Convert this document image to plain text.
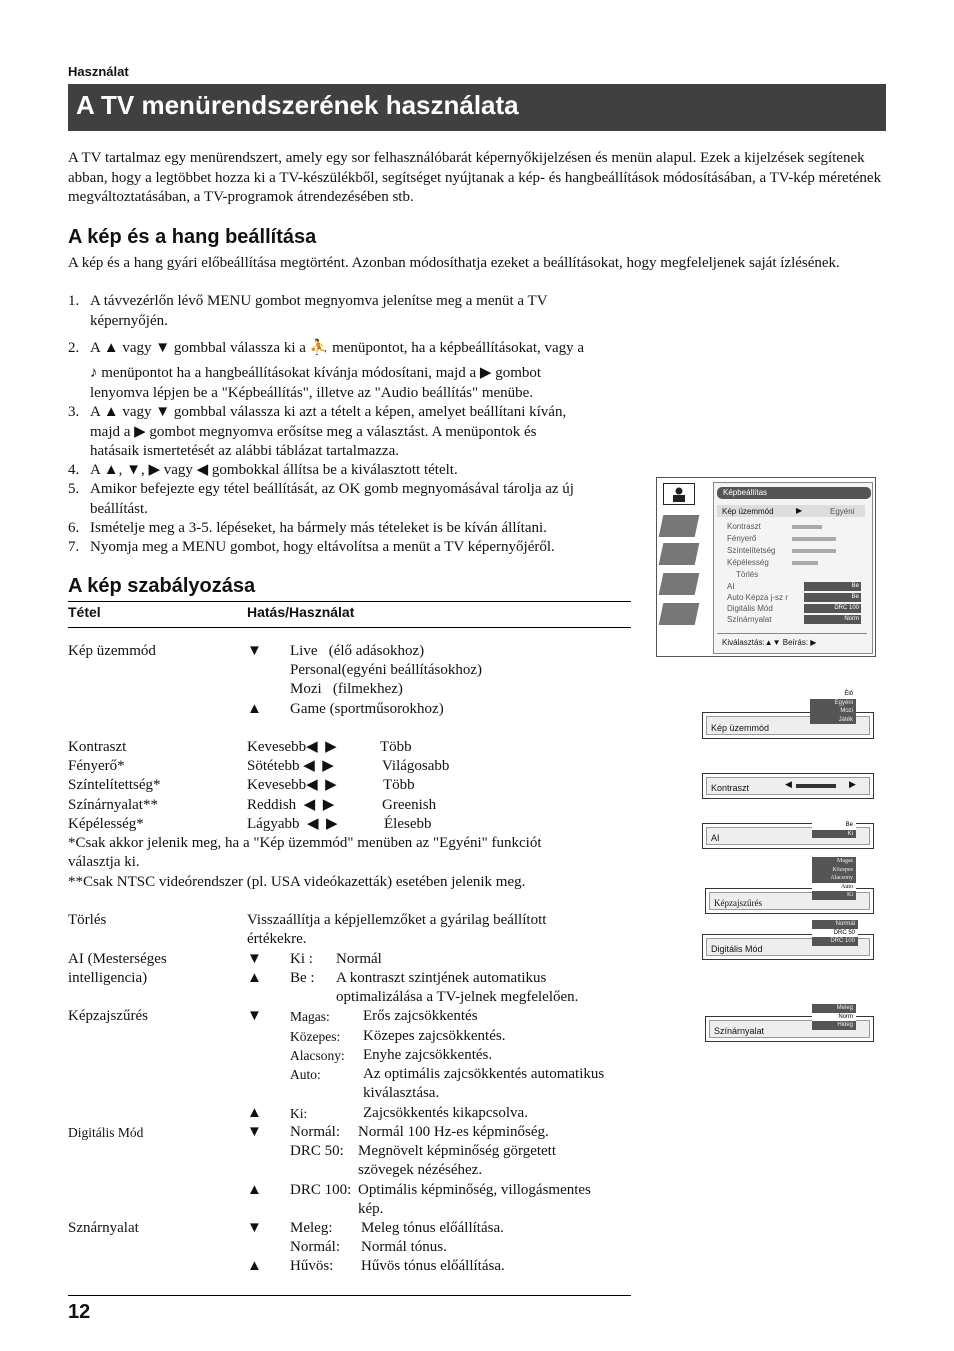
Használat
A TV menürendszerének használata
A TV tartalmaz egy menürendszert, amely egy sor felhasználóbarát képernyőkijelzésen és menün alapul. Ezek a kijelzések segítenek abban, hogy a legtöbbet hozza ki a TV-készülékből, segítséget nyújtanak a kép- és hangbeállítások módosításában, a TV-kép méretének megváltoztatásában, a TV-programok átrendezésében stb.
A kép és a hang beállítása
A kép és a hang gyári előbeállítása megtörtént. Azonban módosíthatja ezeket a beállításokat, hogy megfeleljenek saját ízlésének.
1. A távvezérlőn lévő MENU gombot megnyomva jelenítse meg a menüt a TV
képernyőjén.
2. A ▲ vagy ▼ gombbal válassza ki a ⛹ menüpontot, ha a képbeállításokat, vagy a
♪ menüpontot ha a hangbeállításokat kívánja módosítani, majd a ▶ gombot
lenyomva lépjen be a "Képbeállítás", illetve az "Audio beállítás" menübe.
3. A ▲ vagy ▼ gombbal válassza ki azt a tételt a képen, amelyet beállítani kíván,
majd a ▶ gombot megnyomva erősítse meg a választást. A menüpontok és
hatásaik ismertetését az alábbi táblázat tartalmazza.
4. A ▲, ▼, ▶ vagy ◀ gombokkal állítsa be a kiválasztott tételt.
5. Amikor befejezte egy tétel beállítását, az OK gomb megnyomásával tárolja az új
beállítást.
6. Ismételje meg a 3-5. lépéseket, ha bármely más tételeket is be kíván állítani.
7. Nyomja meg a MENU gombot, hogy eltávolítsa a menüt a TV képernyőjéről.
A kép szabályozása
Tétel	Hatás/Használat
Kép üzemmód	▼ Live   (élő adásokhoz)
Personal(egyéni beállításokhoz)
Mozi   (filmekhez)
▲ Game (sportműsorokhoz)
Kontraszt	Kevesebb◀  ▶	Több
Fényerő*	Sötétebb ◀  ▶	Világosabb
Színtelítettség*	Kevesebb◀  ▶	Több
Színárnyalat**	Reddish  ◀  ▶	Greenish
Képélesség*	Lágyabb  ◀  ▶	Élesebb
*Csak akkor jelenik meg, ha a "Kép üzemmód" menüben az "Egyéni" funkciót
választja ki.
**Csak NTSC videórendszer (pl. USA videókazetták) esetében jelenik meg.
Törlés	Visszaállítja a képjellemzőket a gyárilag beállított
értékekre.
AI (Mesterséges
intelligencia)
▼ Ki : Normál
▲ Be : A kontraszt szintjének automatikus
optimalizálása a TV-jelnek megfelelően.
Képzajszűrés	▼ Magas: Erős zajcsökkentés
Közepes: Közepes zajcsökkentés.
Alacsony: Enyhe zajcsökkentés.
Auto:	Az optimális zajcsökkentés automatikus
kiválasztása.
▲ Ki:	Zajcsökkentés kikapcsolva.
Digitális Mód	▼ Normál: Normál 100 Hz-es képminőség.
DRC 50: Megnövelt képminőség görgetett
szövegek nézéséhez.
▲ DRC 100: Optimális képminőség, villogásmentes
kép.
Sznárnyalat	▼ Meleg: Meleg tónus előállítása.
Normál: Normál tónus.
▲ Hűvös: Hűvös tónus előállítása.
12
Képbeállítas
Kép üzemmód	▶	Egyéni
Kontraszt
Fényerő
Színtelítetség
Képélesség
Törlés
AI	Be
Auto Képza j-sz r	Be
Digitális Mód	DRC 100
Színárnyalat	Norm
Kiválasztás:▲▼ Beírás: ▶
Kép üzemmód
Élő
Egyéni
Mozi
Játék
Kontraszt	◀	▶
AI
Be
Ki
Képzajszűrés
Magas
Közepes
Alacsony
Auto
Ki
Digitális Mód
Normál
DRC 50
DRC 100
Színárnyalat
Meleg
Norm
Hideg
